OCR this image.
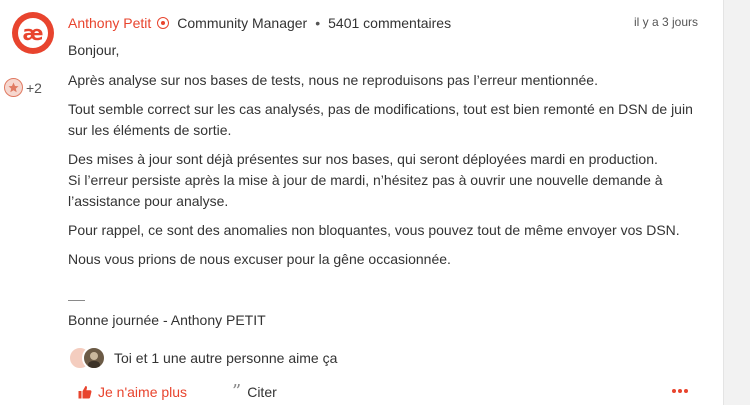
æ
+2
Anthony Petit Community Manager • 5401 commentaires	il y a 3 jours

Bonjour,

Après analyse sur nos bases de tests, nous ne reproduisons pas l’erreur mentionnée.

Tout semble correct sur les cas analysés, pas de modifications, tout est bien remonté en DSN de juin sur les éléments de sortie.

Des mises à jour sont déjà présentes sur nos bases, qui seront déployées mardi en production.
Si l’erreur persiste après la mise à jour de mardi, n’hésitez pas à ouvrir une nouvelle demande à l’assistance pour analyse.

Pour rappel, ce sont des anomalies non bloquantes, vous pouvez tout de même envoyer vos DSN.

Nous vous prions de nous excuser pour la gêne occasionnée.

Bonne journée - Anthony PETIT
Toi et 1 une autre personne aime ça
Je n'aime plus ” Citer
